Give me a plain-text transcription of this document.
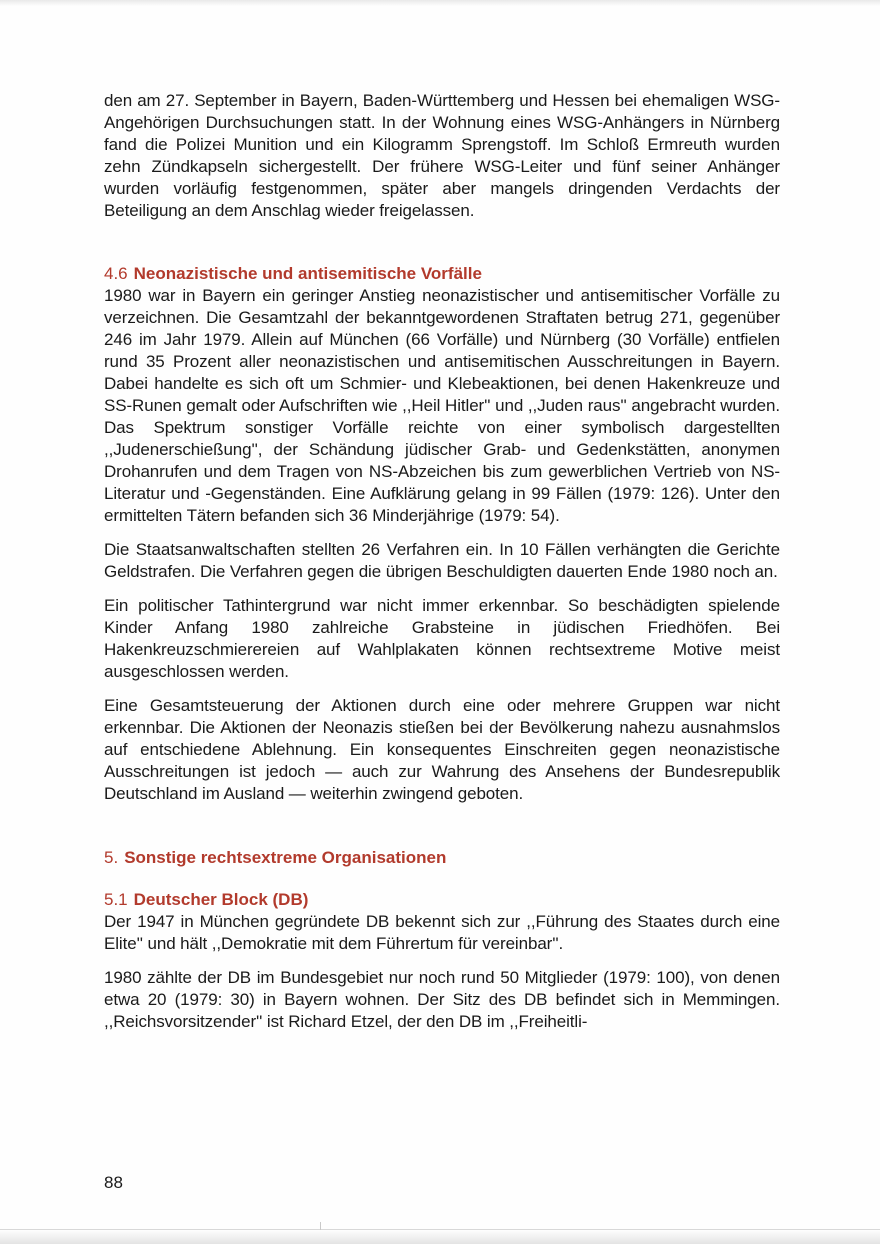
den am 27. September in Bayern, Baden-Württemberg und Hessen bei ehemaligen WSG-Angehörigen Durchsuchungen statt. In der Wohnung eines WSG-Anhängers in Nürnberg fand die Polizei Munition und ein Kilogramm Sprengstoff. Im Schloß Ermreuth wurden zehn Zündkapseln sichergestellt. Der frühere WSG-Leiter und fünf seiner Anhänger wurden vorläufig festgenommen, später aber mangels dringenden Verdachts der Beteiligung an dem Anschlag wieder freigelassen.

4.6 Neonazistische und antisemitische Vorfälle

1980 war in Bayern ein geringer Anstieg neonazistischer und antisemitischer Vorfälle zu verzeichnen. Die Gesamtzahl der bekanntgewordenen Straftaten betrug 271, gegenüber 246 im Jahr 1979. Allein auf München (66 Vorfälle) und Nürnberg (30 Vorfälle) entfielen rund 35 Prozent aller neonazistischen und antisemitischen Ausschreitungen in Bayern. Dabei handelte es sich oft um Schmier- und Klebeaktionen, bei denen Hakenkreuze und SS-Runen gemalt oder Aufschriften wie ,,Heil Hitler'' und ,,Juden raus'' angebracht wurden. Das Spektrum sonstiger Vorfälle reichte von einer symbolisch dargestellten ,,Judenerschießung'', der Schändung jüdischer Grab- und Gedenkstätten, anonymen Drohanrufen und dem Tragen von NS-Abzeichen bis zum gewerblichen Vertrieb von NS-Literatur und -Gegenständen. Eine Aufklärung gelang in 99 Fällen (1979: 126). Unter den ermittelten Tätern befanden sich 36 Minderjährige (1979: 54).

Die Staatsanwaltschaften stellten 26 Verfahren ein. In 10 Fällen verhängten die Gerichte Geldstrafen. Die Verfahren gegen die übrigen Beschuldigten dauerten Ende 1980 noch an.

Ein politischer Tathintergrund war nicht immer erkennbar. So beschädigten spielende Kinder Anfang 1980 zahlreiche Grabsteine in jüdischen Friedhöfen. Bei Hakenkreuzschmierereien auf Wahlplakaten können rechtsextreme Motive meist ausgeschlossen werden.

Eine Gesamtsteuerung der Aktionen durch eine oder mehrere Gruppen war nicht erkennbar. Die Aktionen der Neonazis stießen bei der Bevölkerung nahezu ausnahmslos auf entschiedene Ablehnung. Ein konsequentes Einschreiten gegen neonazistische Ausschreitungen ist jedoch — auch zur Wahrung des Ansehens der Bundesrepublik Deutschland im Ausland — weiterhin zwingend geboten.

5. Sonstige rechtsextreme Organisationen
5.1 Deutscher Block (DB)

Der 1947 in München gegründete DB bekennt sich zur ,,Führung des Staates durch eine Elite'' und hält ,,Demokratie mit dem Führertum für vereinbar''.

1980 zählte der DB im Bundesgebiet nur noch rund 50 Mitglieder (1979: 100), von denen etwa 20 (1979: 30) in Bayern wohnen. Der Sitz des DB befindet sich in Memmingen. ,,Reichsvorsitzender'' ist Richard Etzel, der den DB im ,,Freiheitli-

88
